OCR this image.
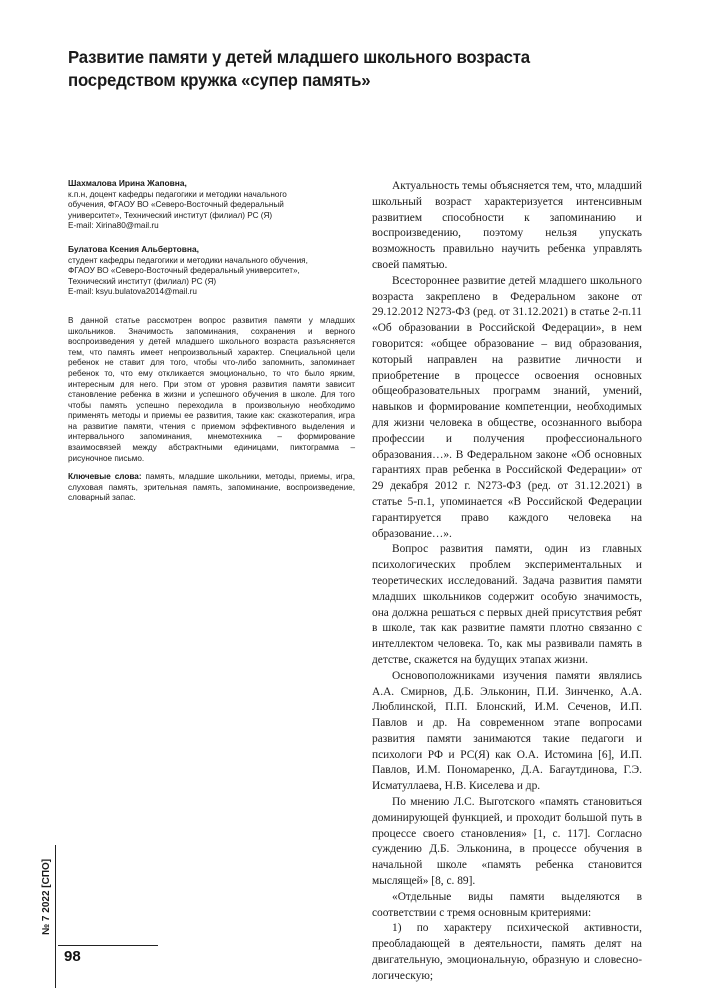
Развитие памяти у детей младшего школьного возраста посредством кружка «супер память»
Шахмалова Ирина Жаповна,
к.п.н, доцент кафедры педагогики и методики начального
обучения, ФГАОУ ВО «Северо-Восточный федеральный
университет», Технический институт (филиал) РС (Я)
E-mail: Xirina80@mail.ru
Булатова Ксения Альбертовна,
студент кафедры педагогики и методики начального обучения,
ФГАОУ ВО «Северо-Восточный федеральный университет»,
Технический институт (филиал) РС (Я)
E-mail: ksyu.bulatova2014@mail.ru
В данной статье рассмотрен вопрос развития памяти у младших школьников. Значимость запоминания, сохранения и верного воспроизведения у детей младшего школьного возраста разъясняется тем, что память имеет непроизвольный характер. Специальной цели ребенок не ставит для того, чтобы что-либо запомнить, запоминает ребенок то, что ему откликается эмоционально, то что было ярким, интересным для него. При этом от уровня развития памяти зависит становление ребенка в жизни и успешного обучения в школе. Для того чтобы память успешно переходила в произвольную необходимо применять методы и приемы ее развития, такие как: сказкотерапия, игра на развитие памяти, чтения с приемом эффективного выделения и интервального запоминания, мнемотехника – формирование взаимосвязей между абстрактными единицами, пиктограмма – рисуночное письмо.
Ключевые слова: память, младшие школьники, методы, приемы, игра, слуховая память, зрительная память, запоминание, воспроизведение, словарный запас.

Актуальность темы объясняется тем, что, младший школьный возраст характеризуется интенсивным развитием способности к запоминанию и воспроизведению, поэтому нельзя упускать возможность правильно научить ребенка управлять своей памятью.

Всестороннее развитие детей младшего школьного возраста закреплено в Федеральном законе от 29.12.2012 N273-ФЗ (ред. от 31.12.2021) в статье 2-п.11 «Об образовании в Российской Федерации», в нем говорится: «общее образование – вид образования, который направлен на развитие личности и приобретение в процессе освоения основных общеобразовательных программ знаний, умений, навыков и формирование компетенции, необходимых для жизни человека в обществе, осознанного выбора профессии и получения профессионального образования…». В Федеральном законе «Об основных гарантиях прав ребенка в Российской Федерации» от 29 декабря 2012 г. N273-ФЗ (ред. от 31.12.2021) в статье 5-п.1, упоминается «В Российской Федерации гарантируется право каждого человека на образование…».

Вопрос развития памяти, один из главных психологических проблем экспериментальных и теоретических исследований. Задача развития памяти младших школьников содержит особую значимость, она должна решаться с первых дней присутствия ребят в школе, так как развитие памяти плотно связанно с интеллектом человека. То, как мы развивали память в детстве, скажется на будущих этапах жизни.

Основоположниками изучения памяти являлись А.А. Смирнов, Д.Б. Эльконин, П.И. Зинченко, А.А. Люблинской, П.П. Блонский, И.М. Сеченов, И.П. Павлов и др. На современном этапе вопросами развития памяти занимаются такие педагоги и психологи РФ и РС(Я) как О.А. Истомина [6], И.П. Павлов, И.М. Пономаренко, Д.А. Багаутдинова, Г.Э. Исматуллаева, Н.В. Киселева и др.

По мнению Л.С. Выготского «память становиться доминирующей функцией, и проходит большой путь в процессе своего становления» [1, с. 117]. Согласно суждению Д.Б. Эльконина, в процессе обучения в начальной школе «память ребенка становится мыслящей» [8, с. 89].

«Отдельные виды памяти выделяются в соответствии с тремя основным критериями:

1) по характеру психической активности, преобладающей в деятельности, память делят на двигательную, эмоциональную, образную и словесно-логическую;

№ 7 2022 [СПО]
98
